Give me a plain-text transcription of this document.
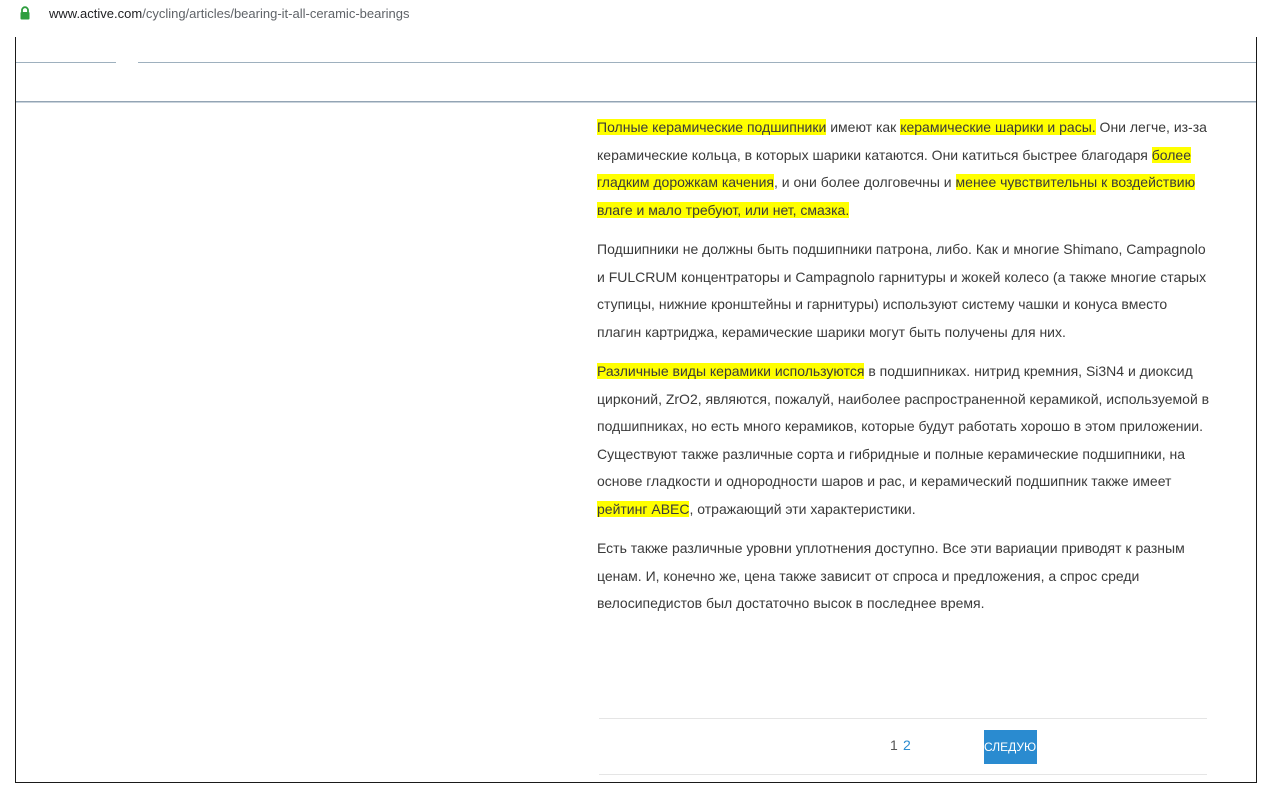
www.active.com/cycling/articles/bearing-it-all-ceramic-bearings

Полные керамические подшипники имеют как керамические шарики и расы. Они легче, из-за керамические кольца, в которых шарики катаются. Они катиться быстрее благодаря более гладким дорожкам качения, и они более долговечны и менее чувствительны к воздействию влаге и мало требуют, или нет, смазка.

Подшипники не должны быть подшипники патрона, либо. Как и многие Shimano, Campagnolo и FULCRUM концентраторы и Campagnolo гарнитуры и жокей колесо (а также многие старых ступицы, нижние кронштейны и гарнитуры) используют систему чашки и конуса вместо плагин картриджа, керамические шарики могут быть получены для них.

Различные виды керамики используются в подшипниках. нитрид кремния, Si3N4 и диоксид цирконий, ZrO2, являются, пожалуй, наиболее распространенной керамикой, используемой в подшипниках, но есть много керамиков, которые будут работать хорошо в этом приложении. Существуют также различные сорта и гибридные и полные керамические подшипники, на основе гладкости и однородности шаров и рас, и керамический подшипник также имеет рейтинг ABEC, отражающий эти характеристики.

Есть также различные уровни уплотнения доступно. Все эти вариации приводят к разным ценам. И, конечно же, цена также зависит от спроса и предложения, а спрос среди велосипедистов был достаточно высок в последнее время.

1 2	СЛЕДУЮ
